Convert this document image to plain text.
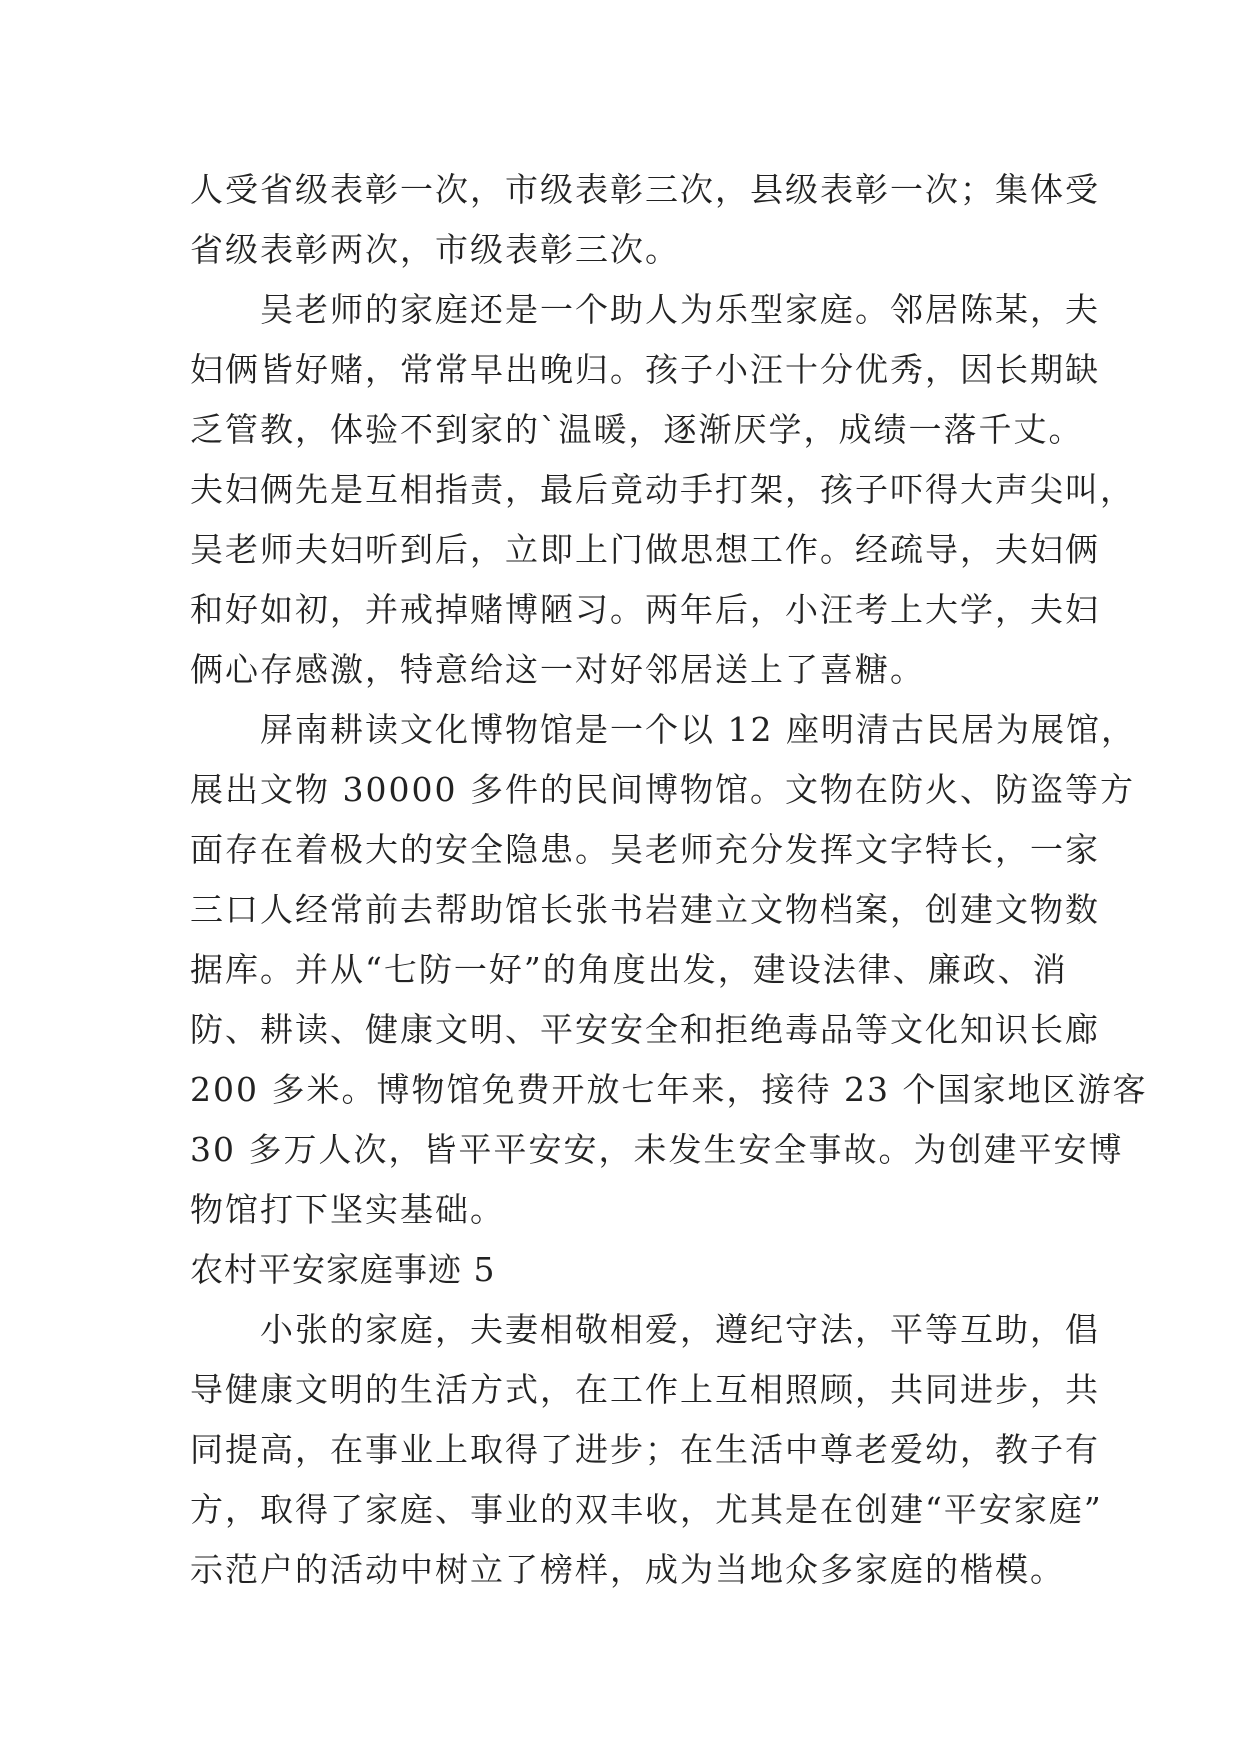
人受省级表彰一次，市级表彰三次，县级表彰一次；集体受
省级表彰两次，市级表彰三次。
吴老师的家庭还是一个助人为乐型家庭。邻居陈某，夫
妇俩皆好赌，常常早出晚归。孩子小汪十分优秀，因长期缺
乏管教，体验不到家的`温暖，逐渐厌学，成绩一落千丈。
夫妇俩先是互相指责，最后竟动手打架，孩子吓得大声尖叫，
吴老师夫妇听到后，立即上门做思想工作。经疏导，夫妇俩
和好如初，并戒掉赌博陋习。两年后，小汪考上大学，夫妇
俩心存感激，特意给这一对好邻居送上了喜糖。
屏南耕读文化博物馆是一个以 12 座明清古民居为展馆，
展出文物 30000 多件的民间博物馆。文物在防火、防盗等方
面存在着极大的安全隐患。吴老师充分发挥文字特长，一家
三口人经常前去帮助馆长张书岩建立文物档案，创建文物数
据库。并从“七防一好”的角度出发，建设法律、廉政、消
防、耕读、健康文明、平安安全和拒绝毒品等文化知识长廊
200 多米。博物馆免费开放七年来，接待 23 个国家地区游客
30 多万人次，皆平平安安，未发生安全事故。为创建平安博
物馆打下坚实基础。
农村平安家庭事迹 5
小张的家庭，夫妻相敬相爱，遵纪守法，平等互助，倡
导健康文明的生活方式，在工作上互相照顾，共同进步，共
同提高，在事业上取得了进步；在生活中尊老爱幼，教子有
方，取得了家庭、事业的双丰收，尤其是在创建“平安家庭”
示范户的活动中树立了榜样，成为当地众多家庭的楷模。
